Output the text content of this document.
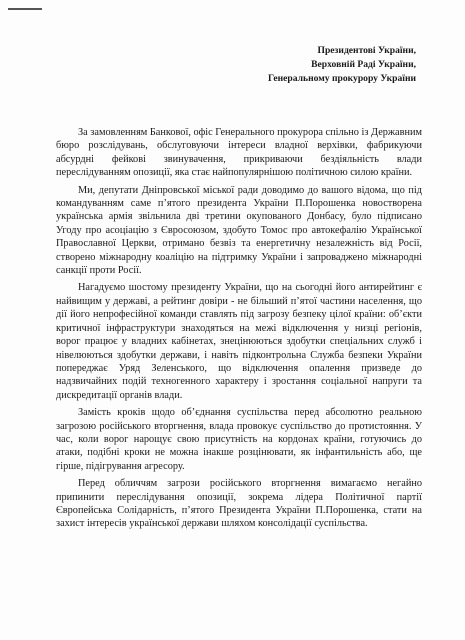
Президентові України,
Верховній Раді України,
Генеральному прокурору України

За замовленням Банкової, офіс Генерального прокурора спільно із Державним бюро розслідувань, обслуговуючи інтереси владної верхівки, фабрикуючи абсурдні фейкові звинувачення, прикриваючи бездіяльність влади переслідуванням опозиції, яка стає найпопулярнішою політичною силою країни.

Ми, депутати Дніпровської міської ради доводимо до вашого відома, що під командуванням саме п’ятого президента України П.Порошенка новостворена українська армія звільнила дві третини окупованого Донбасу, було підписано Угоду про асоціацію з Євросоюзом, здобуто Томос про автокефалію Української Православної Церкви, отримано безвіз та енергетичну незалежність від Росії, створено міжнародну коаліцію на підтримку України і запроваджено міжнародні санкції проти Росії.

Нагадуємо шостому президенту України, що на сьогодні його антирейтинг є найвищим у державі, а рейтинг довіри - не більший п’ятої частини населення, що дії його непрофесійної команди ставлять під загрозу безпеку цілої країни: об’єкти критичної інфраструктури знаходяться на межі відключення у низці регіонів, ворог працює у владних кабінетах, знецінюються здобутки спеціальних служб і нівелюються здобутки держави, і навіть підконтрольна Служба безпеки України попереджає Уряд Зеленського, що відключення опалення призведе до надзвичайних подій техногенного характеру і зростання соціальної напруги та дискредитації органів влади.

Замість кроків щодо об’єднання суспільства перед абсолютно реальною загрозою російського вторгнення, влада провокує суспільство до протистояння. У час, коли ворог нарощує свою присутність на кордонах країни, готуючись до атаки, подібні кроки не можна інакше розцінювати, як інфантильність або, ще гірше, підігрування агресору.

Перед обличчям загрози російського вторгнення вимагаємо негайно припинити переслідування опозиції, зокрема лідера Політичної партії Європейська Солідарність, п’ятого Президента України П.Порошенка, стати на захист інтересів української держави шляхом консолідації суспільства.
